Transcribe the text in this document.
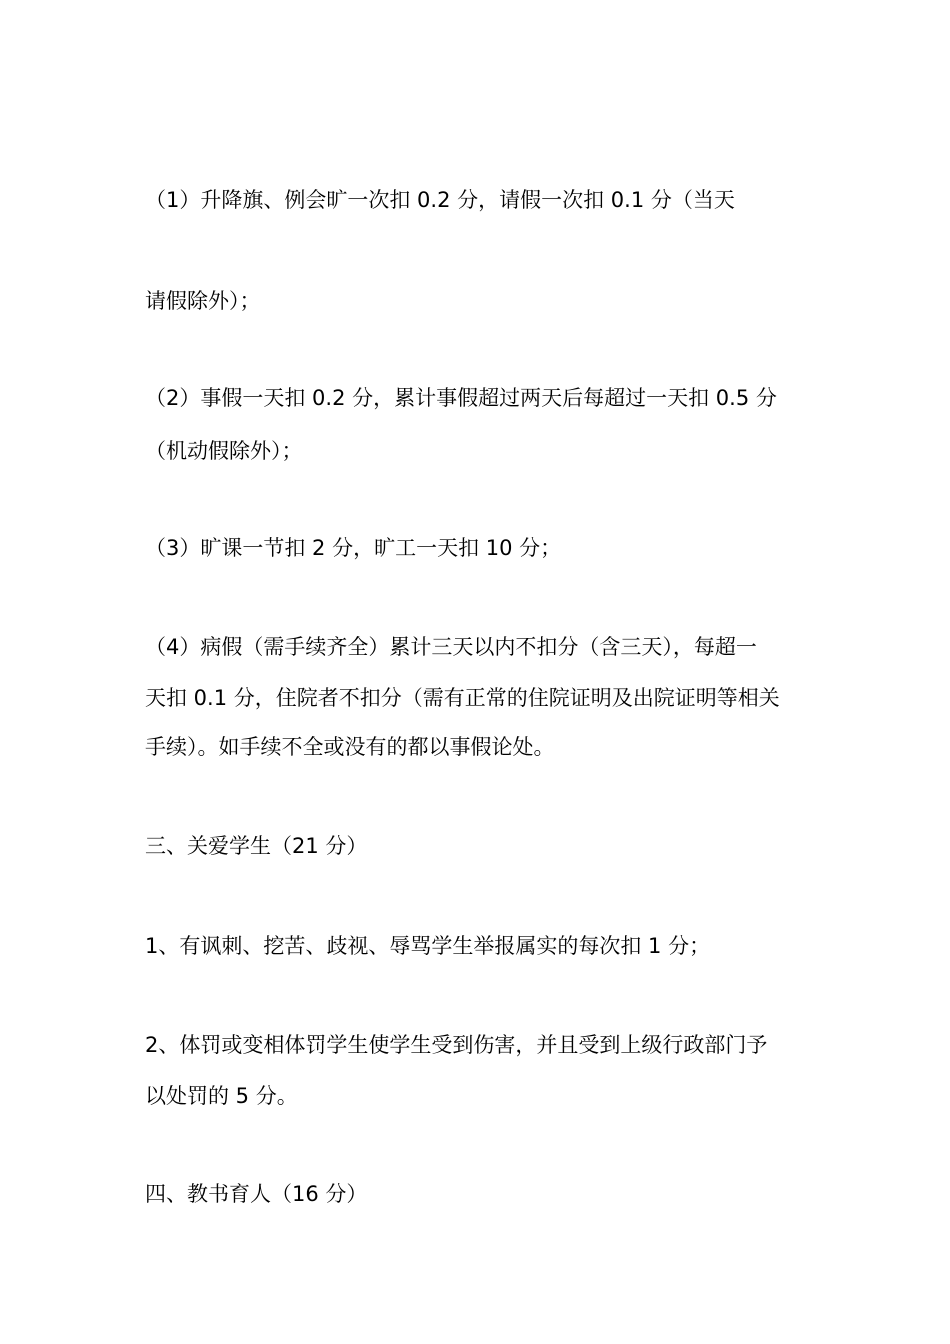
（1）升降旗、例会旷一次扣 0.2 分，请假一次扣 0.1 分（当天
请假除外）；
（2）事假一天扣 0.2 分，累计事假超过两天后每超过一天扣 0.5 分
（机动假除外）；
（3）旷课一节扣 2 分，旷工一天扣 10 分；
（4）病假（需手续齐全）累计三天以内不扣分（含三天），每超一
天扣 0.1 分，住院者不扣分（需有正常的住院证明及出院证明等相关
手续）。如手续不全或没有的都以事假论处。
三、关爱学生（21 分）
1、有讽刺、挖苦、歧视、辱骂学生举报属实的每次扣 1 分；
2、体罚或变相体罚学生使学生受到伤害，并且受到上级行政部门予
以处罚的 5 分。
四、教书育人（16 分）
